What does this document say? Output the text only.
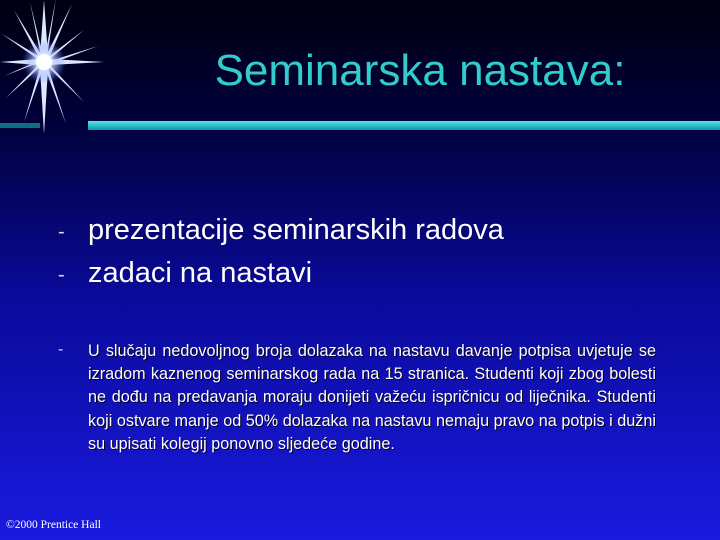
Seminarska nastava:
- prezentacije seminarskih radova
- zadaci na nastavi
- U slučaju nedovoljnog broja dolazaka na nastavu davanje potpisa uvjetuje se izradom kaznenog seminarskog rada na 15 stranica. Studenti koji zbog bolesti ne dođu na predavanja moraju donijeti važeću ispričnicu od liječnika. Studenti koji ostvare manje od 50% dolazaka na nastavu nemaju pravo na potpis i dužni su upisati kolegij ponovno sljedeće godine.
©2000 Prentice Hall
